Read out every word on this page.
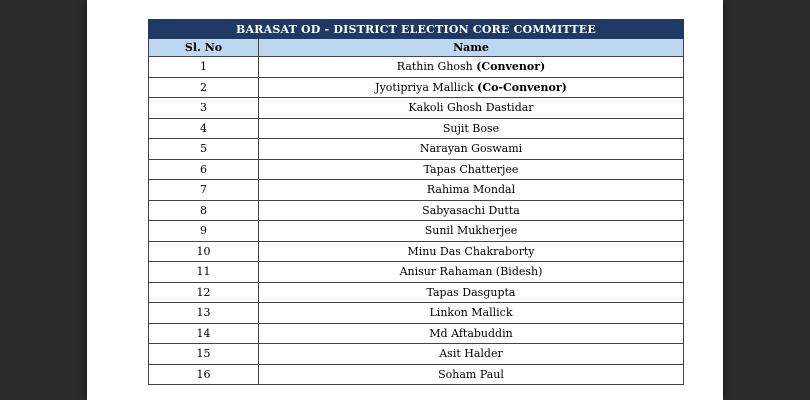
BARASAT OD - DISTRICT ELECTION CORE COMMITTEE	
Sl. No	Name
1	Rathin Ghosh (Convenor)
2	Jyotipriya Mallick (Co-Convenor)
3	Kakoli Ghosh Dastidar
4	Sujit Bose
5	Narayan Goswami
6	Tapas Chatterjee
7	Rahima Mondal
8	Sabyasachi Dutta
9	Sunil Mukherjee
10	Minu Das Chakraborty
11	Anisur Rahaman (Bidesh)
12	Tapas Dasgupta
13	Linkon Mallick
14	Md Aftabuddin
15	Asit Halder
16	Soham Paul
